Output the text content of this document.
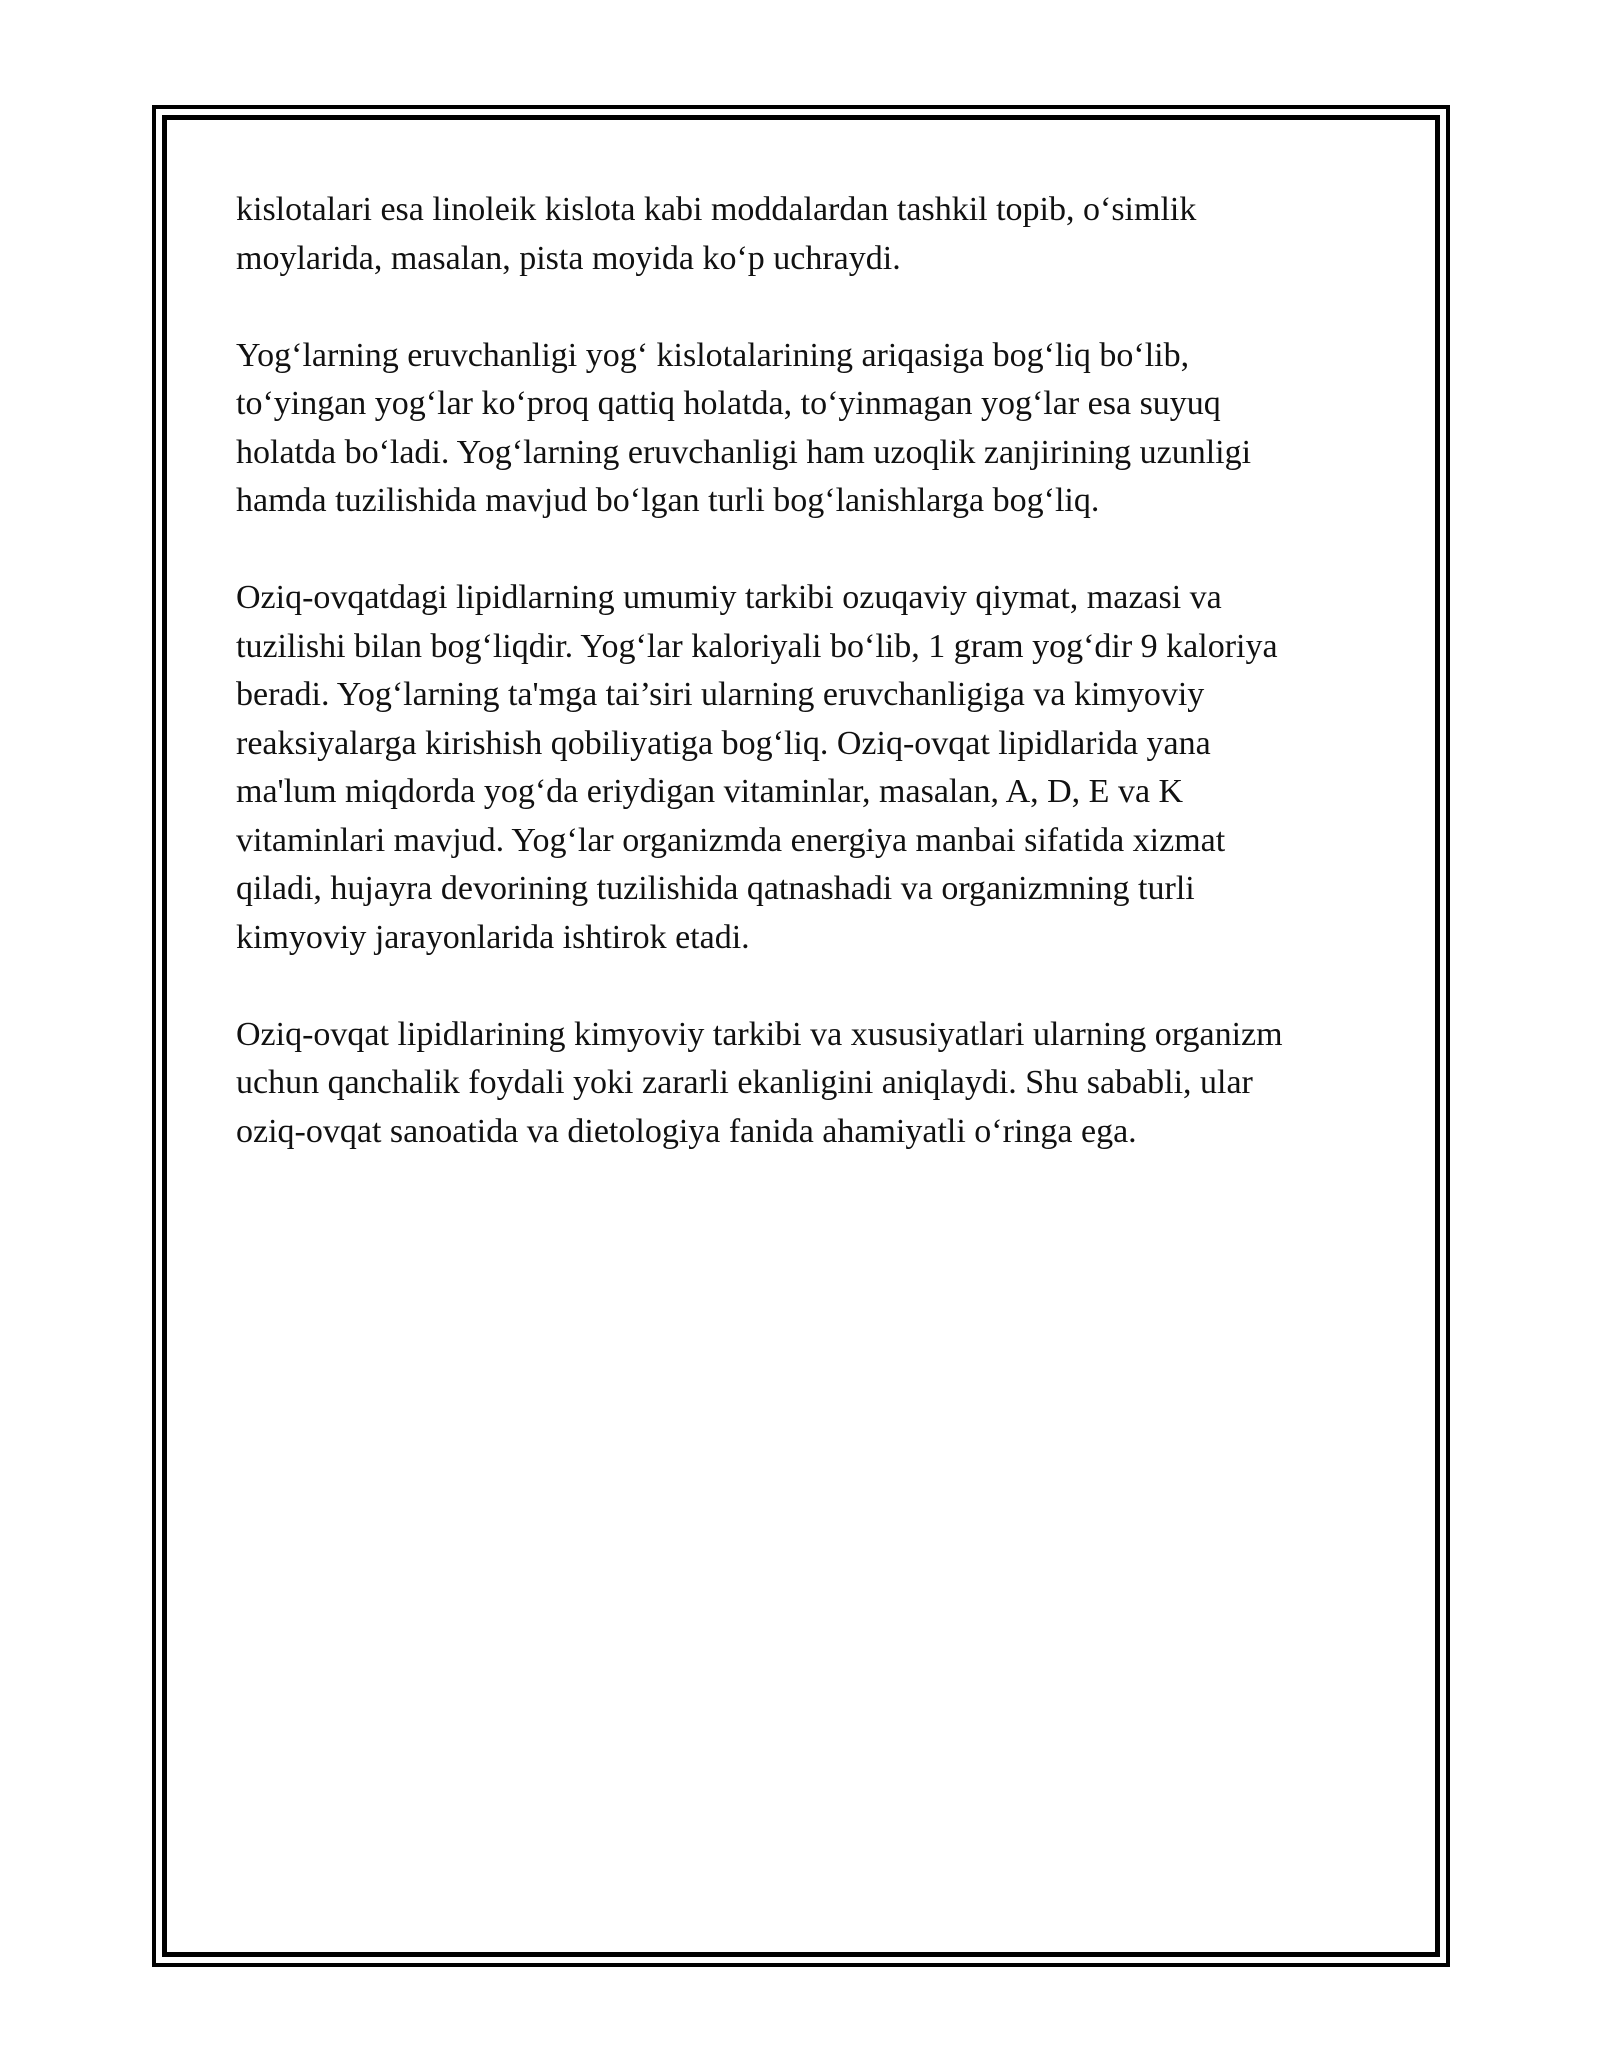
kislotalari esa linoleik kislota kabi moddalardan tashkil topib, o‘simlik
moylarida, masalan, pista moyida ko‘p uchraydi.

Yog‘larning eruvchanligi yog‘ kislotalarining ariqasiga bog‘liq bo‘lib,
to‘yingan yog‘lar ko‘proq qattiq holatda, to‘yinmagan yog‘lar esa suyuq
holatda bo‘ladi. Yog‘larning eruvchanligi ham uzoqlik zanjirining uzunligi
hamda tuzilishida mavjud bo‘lgan turli bog‘lanishlarga bog‘liq.

Oziq-ovqatdagi lipidlarning umumiy tarkibi ozuqaviy qiymat, mazasi va
tuzilishi bilan bog‘liqdir. Yog‘lar kaloriyali bo‘lib, 1 gram yog‘dir 9 kaloriya
beradi. Yog‘larning ta'mga tai’siri ularning eruvchanligiga va kimyoviy
reaksiyalarga kirishish qobiliyatiga bog‘liq. Oziq-ovqat lipidlarida yana
ma'lum miqdorda yog‘da eriydigan vitaminlar, masalan, A, D, E va K
vitaminlari mavjud. Yog‘lar organizmda energiya manbai sifatida xizmat
qiladi, hujayra devorining tuzilishida qatnashadi va organizmning turli
kimyoviy jarayonlarida ishtirok etadi.

Oziq-ovqat lipidlarining kimyoviy tarkibi va xususiyatlari ularning organizm
uchun qanchalik foydali yoki zararli ekanligini aniqlaydi. Shu sababli, ular
oziq-ovqat sanoatida va dietologiya fanida ahamiyatli o‘ringa ega.
